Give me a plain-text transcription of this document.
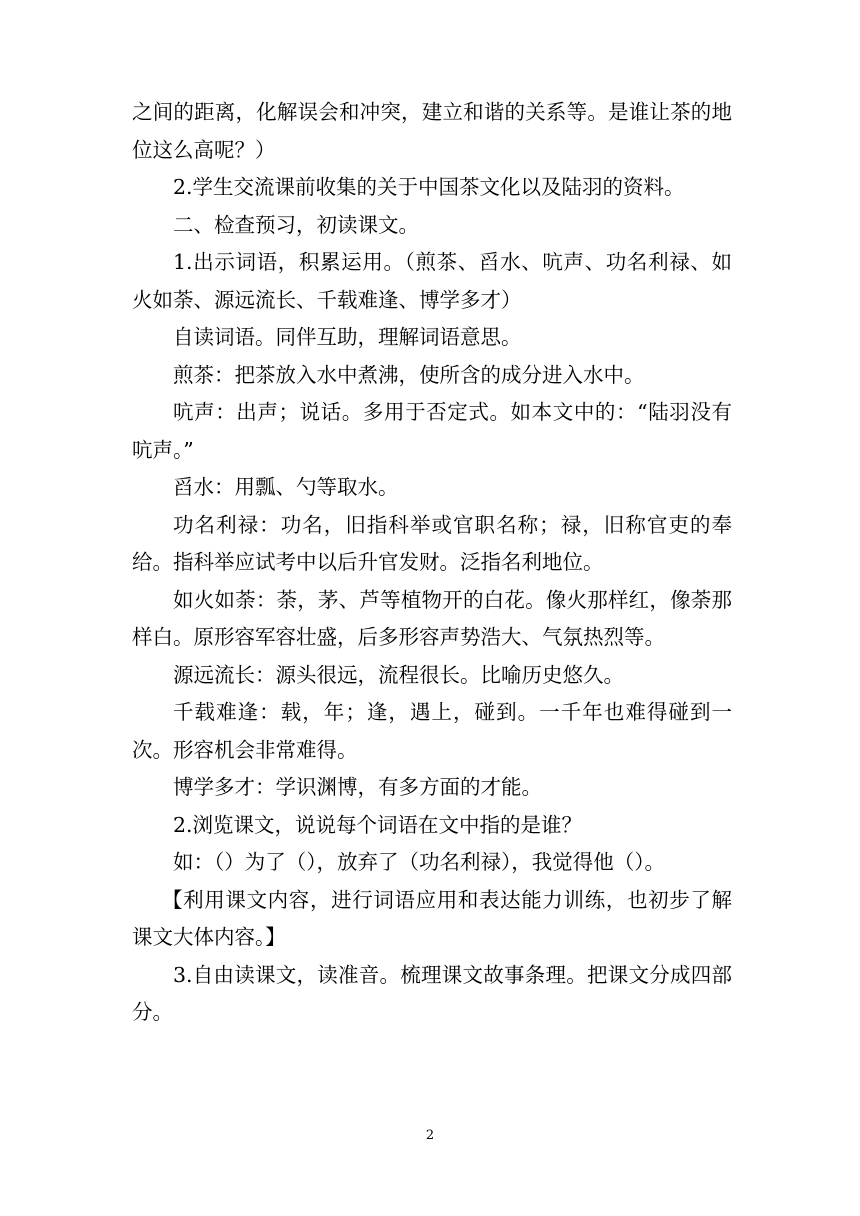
之间的距离，化解误会和冲突，建立和谐的关系等。是谁让茶的地位这么高呢？）

2.学生交流课前收集的关于中国茶文化以及陆羽的资料。

二、检查预习，初读课文。

1.出示词语，积累运用。（煎茶、舀水、吭声、功名利禄、如火如荼、源远流长、千载难逢、博学多才）

自读词语。同伴互助，理解词语意思。

煎茶：把茶放入水中煮沸，使所含的成分进入水中。

吭声：出声；说话。多用于否定式。如本文中的：“陆羽没有吭声。”

舀水：用瓢、勺等取水。

功名利禄：功名，旧指科举或官职名称；禄，旧称官吏的奉给。指科举应试考中以后升官发财。泛指名利地位。

如火如荼：荼，茅、芦等植物开的白花。像火那样红，像荼那样白。原形容军容壮盛，后多形容声势浩大、气氛热烈等。

源远流长：源头很远，流程很长。比喻历史悠久。

千载难逢：载，年；逢，遇上，碰到。一千年也难得碰到一次。形容机会非常难得。

博学多才：学识渊博，有多方面的才能。

2.浏览课文，说说每个词语在文中指的是谁？

如：（）为了（），放弃了（功名利禄），我觉得他（）。

【利用课文内容，进行词语应用和表达能力训练，也初步了解课文大体内容。】

3.自由读课文，读准音。梳理课文故事条理。把课文分成四部分。

2
